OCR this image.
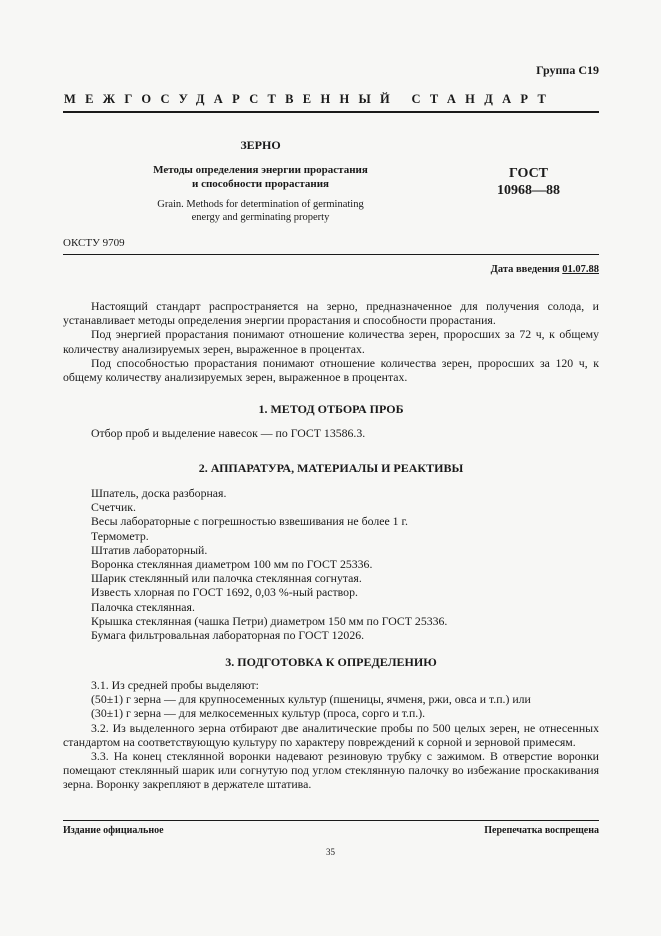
Группа С19
МЕЖГОСУДАРСТВЕННЫЙ СТАНДАРТ
ЗЕРНО
Методы определения энергии прорастания
и способности прорастания
Grain. Methods for determination of germinating
energy and germinating property
ГОСТ
10968—88
ОКСТУ 9709
Дата введения 01.07.88

Настоящий стандарт распространяется на зерно, предназначенное для получения солода, и устанавливает методы определения энергии прорастания и способности прорастания.

Под энергией прорастания понимают отношение количества зерен, проросших за 72 ч, к общему количеству анализируемых зерен, выраженное в процентах.

Под способностью прорастания понимают отношение количества зерен, проросших за 120 ч, к общему количеству анализируемых зерен, выраженное в процентах.

1. МЕТОД ОТБОРА ПРОБ
Отбор проб и выделение навесок — по ГОСТ 13586.3.
2. АППАРАТУРА, МАТЕРИАЛЫ И РЕАКТИВЫ
Шпатель, доска разборная.
Счетчик.
Весы лабораторные с погрешностью взвешивания не более 1 г.
Термометр.
Штатив лабораторный.
Воронка стеклянная диаметром 100 мм по ГОСТ 25336.
Шарик стеклянный или палочка стеклянная согнутая.
Известь хлорная по ГОСТ 1692, 0,03 %-ный раствор.
Палочка стеклянная.
Крышка стеклянная (чашка Петри) диаметром 150 мм по ГОСТ 25336.
Бумага фильтровальная лабораторная по ГОСТ 12026.
3. ПОДГОТОВКА К ОПРЕДЕЛЕНИЮ

3.1. Из средней пробы выделяют:

(50±1) г зерна — для крупносеменных культур (пшеницы, ячменя, ржи, овса и т.п.) или

(30±1) г зерна — для мелкосеменных культур (проса, сорго и т.п.).

3.2. Из выделенного зерна отбирают две аналитические пробы по 500 целых зерен, не отнесенных стандартом на соответствующую культуру по характеру повреждений к сорной и зерновой примесям.

3.3. На конец стеклянной воронки надевают резиновую трубку с зажимом. В отверстие воронки помещают стеклянный шарик или согнутую под углом стеклянную палочку во избежание проскакивания зерна. Воронку закрепляют в держателе штатива.

Издание официальное	Перепечатка воспрещена
35
